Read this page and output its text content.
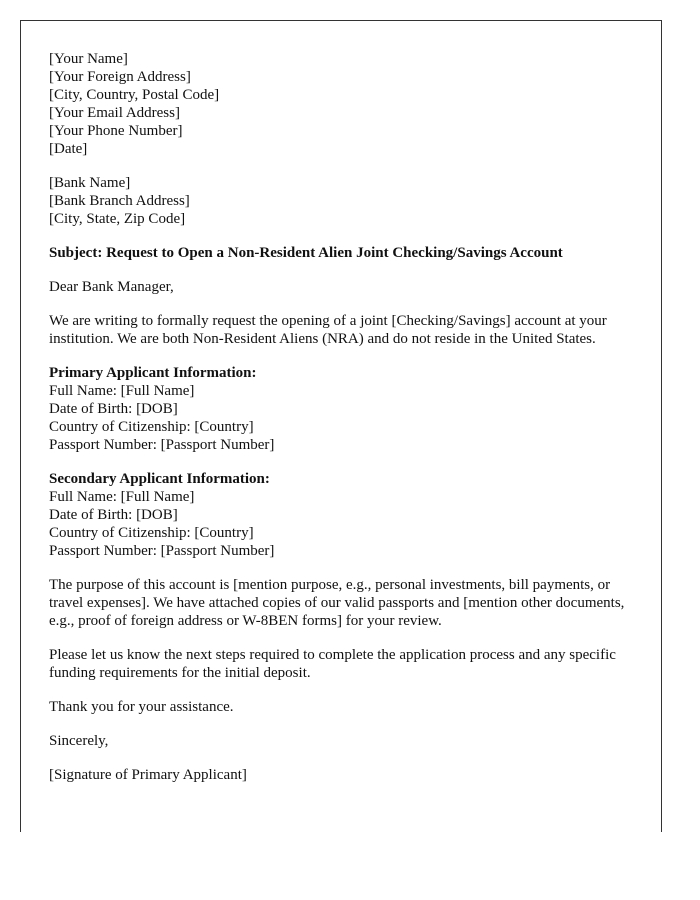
[Your Name]
[Your Foreign Address]
[City, Country, Postal Code]
[Your Email Address]
[Your Phone Number]
[Date]

[Bank Name]
[Bank Branch Address]
[City, State, Zip Code]

Subject: Request to Open a Non-Resident Alien Joint Checking/Savings Account

Dear Bank Manager,

We are writing to formally request the opening of a joint [Checking/Savings] account at your institution. We are both Non-Resident Aliens (NRA) and do not reside in the United States.

Primary Applicant Information:
Full Name: [Full Name]
Date of Birth: [DOB]
Country of Citizenship: [Country]
Passport Number: [Passport Number]

Secondary Applicant Information:
Full Name: [Full Name]
Date of Birth: [DOB]
Country of Citizenship: [Country]
Passport Number: [Passport Number]

The purpose of this account is [mention purpose, e.g., personal investments, bill payments, or travel expenses]. We have attached copies of our valid passports and [mention other documents, e.g., proof of foreign address or W-8BEN forms] for your review.

Please let us know the next steps required to complete the application process and any specific funding requirements for the initial deposit.

Thank you for your assistance.

Sincerely,

[Signature of Primary Applicant]
